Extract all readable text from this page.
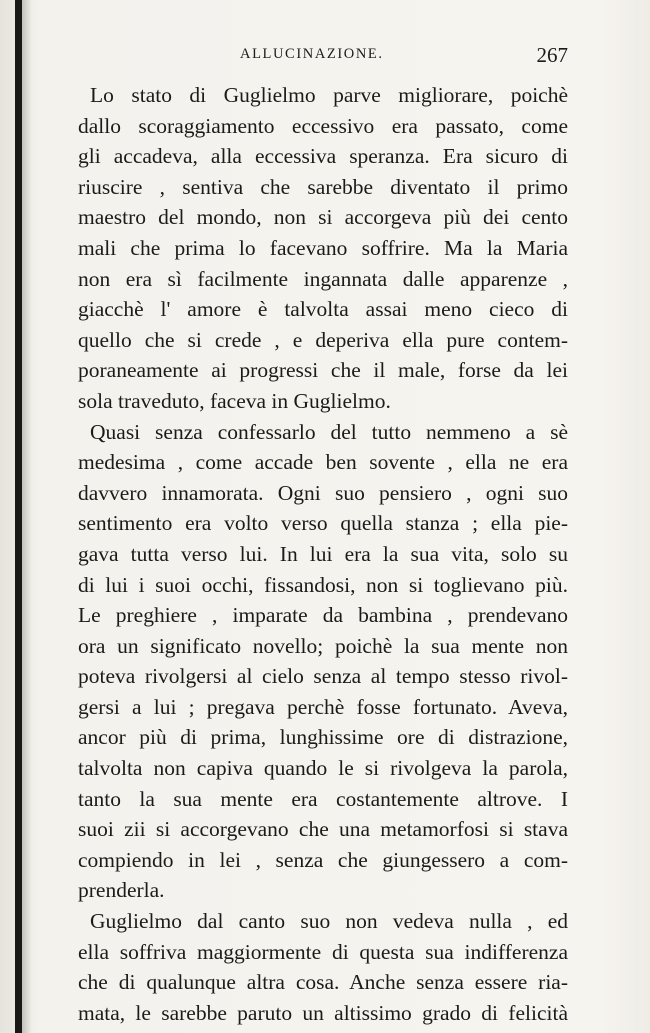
ALLUCINAZIONE.	267
Lo stato di Guglielmo parve migliorare, poichè
dallo scoraggiamento eccessivo era passato, come
gli accadeva, alla eccessiva speranza. Era sicuro di
riuscire , sentiva che sarebbe diventato il primo
maestro del mondo, non si accorgeva più dei cento
mali che prima lo facevano soffrire. Ma la Maria
non era sì facilmente ingannata dalle apparenze ,
giacchè l' amore è talvolta assai meno cieco di
quello che si crede , e deperiva ella pure contem-
poraneamente ai progressi che il male, forse da lei
sola traveduto, faceva in Guglielmo.
Quasi senza confessarlo del tutto nemmeno a sè
medesima , come accade ben sovente , ella ne era
davvero innamorata. Ogni suo pensiero , ogni suo
sentimento era volto verso quella stanza ; ella pie-
gava tutta verso lui. In lui era la sua vita, solo su
di lui i suoi occhi, fissandosi, non si toglievano più.
Le preghiere , imparate da bambina , prendevano
ora un significato novello; poichè la sua mente non
poteva rivolgersi al cielo senza al tempo stesso rivol-
gersi a lui ; pregava perchè fosse fortunato. Aveva,
ancor più di prima, lunghissime ore di distrazione,
talvolta non capiva quando le si rivolgeva la parola,
tanto la sua mente era costantemente altrove. I
suoi zii si accorgevano che una metamorfosi si stava
compiendo in lei , senza che giungessero a com-
prenderla.
Guglielmo dal canto suo non vedeva nulla , ed
ella soffriva maggiormente di questa sua indifferenza
che di qualunque altra cosa. Anche senza essere ria-
mata, le sarebbe paruto un altissimo grado di felicità
